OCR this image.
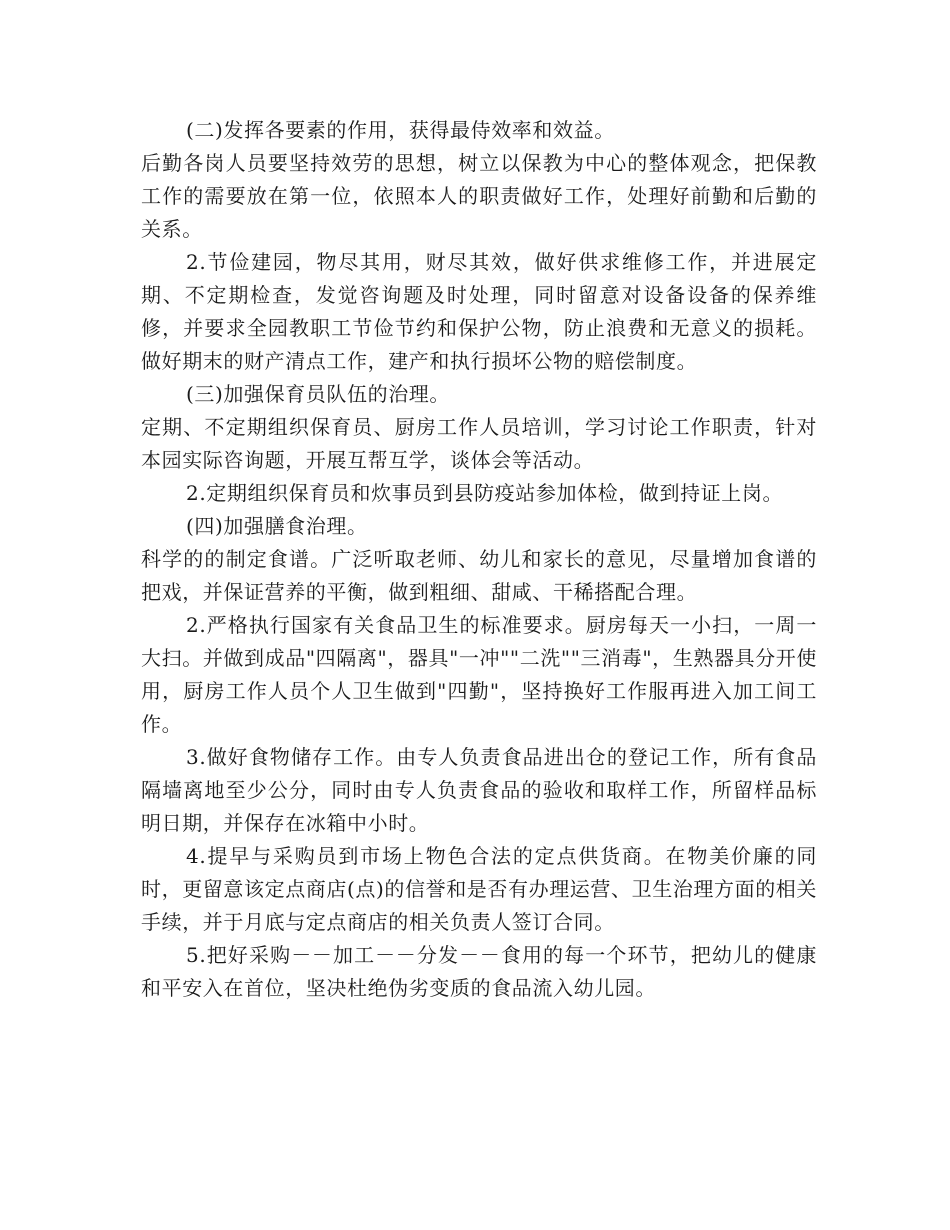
(二)发挥各要素的作用，获得最侍效率和效益。

后勤各岗人员要坚持效劳的思想，树立以保教为中心的整体观念，把保教工作的需要放在第一位，依照本人的职责做好工作，处理好前勤和后勤的关系。

2.节俭建园，物尽其用，财尽其效，做好供求维修工作，并进展定期、不定期检查，发觉咨询题及时处理，同时留意对设备设备的保养维修，并要求全园教职工节俭节约和保护公物，防止浪费和无意义的损耗。做好期末的财产清点工作，建产和执行损坏公物的赔偿制度。

(三)加强保育员队伍的治理。

定期、不定期组织保育员、厨房工作人员培训，学习讨论工作职责，针对本园实际咨询题，开展互帮互学，谈体会等活动。

2.定期组织保育员和炊事员到县防疫站参加体检，做到持证上岗。

(四)加强膳食治理。

科学的的制定食谱。广泛听取老师、幼儿和家长的意见，尽量增加食谱的把戏，并保证营养的平衡，做到粗细、甜咸、干稀搭配合理。

2.严格执行国家有关食品卫生的标准要求。厨房每天一小扫，一周一大扫。并做到成品"四隔离"，器具"一冲""二洗""三消毒"，生熟器具分开使用，厨房工作人员个人卫生做到"四勤"，坚持换好工作服再进入加工间工作。

3.做好食物储存工作。由专人负责食品进出仓的登记工作，所有食品隔墙离地至少公分，同时由专人负责食品的验收和取样工作，所留样品标明日期，并保存在冰箱中小时。

4.提早与采购员到市场上物色合法的定点供货商。在物美价廉的同时，更留意该定点商店(点)的信誉和是否有办理运营、卫生治理方面的相关手续，并于月底与定点商店的相关负责人签订合同。

5.把好采购－－加工－－分发－－食用的每一个环节，把幼儿的健康和平安入在首位，坚决杜绝伪劣变质的食品流入幼儿园。
